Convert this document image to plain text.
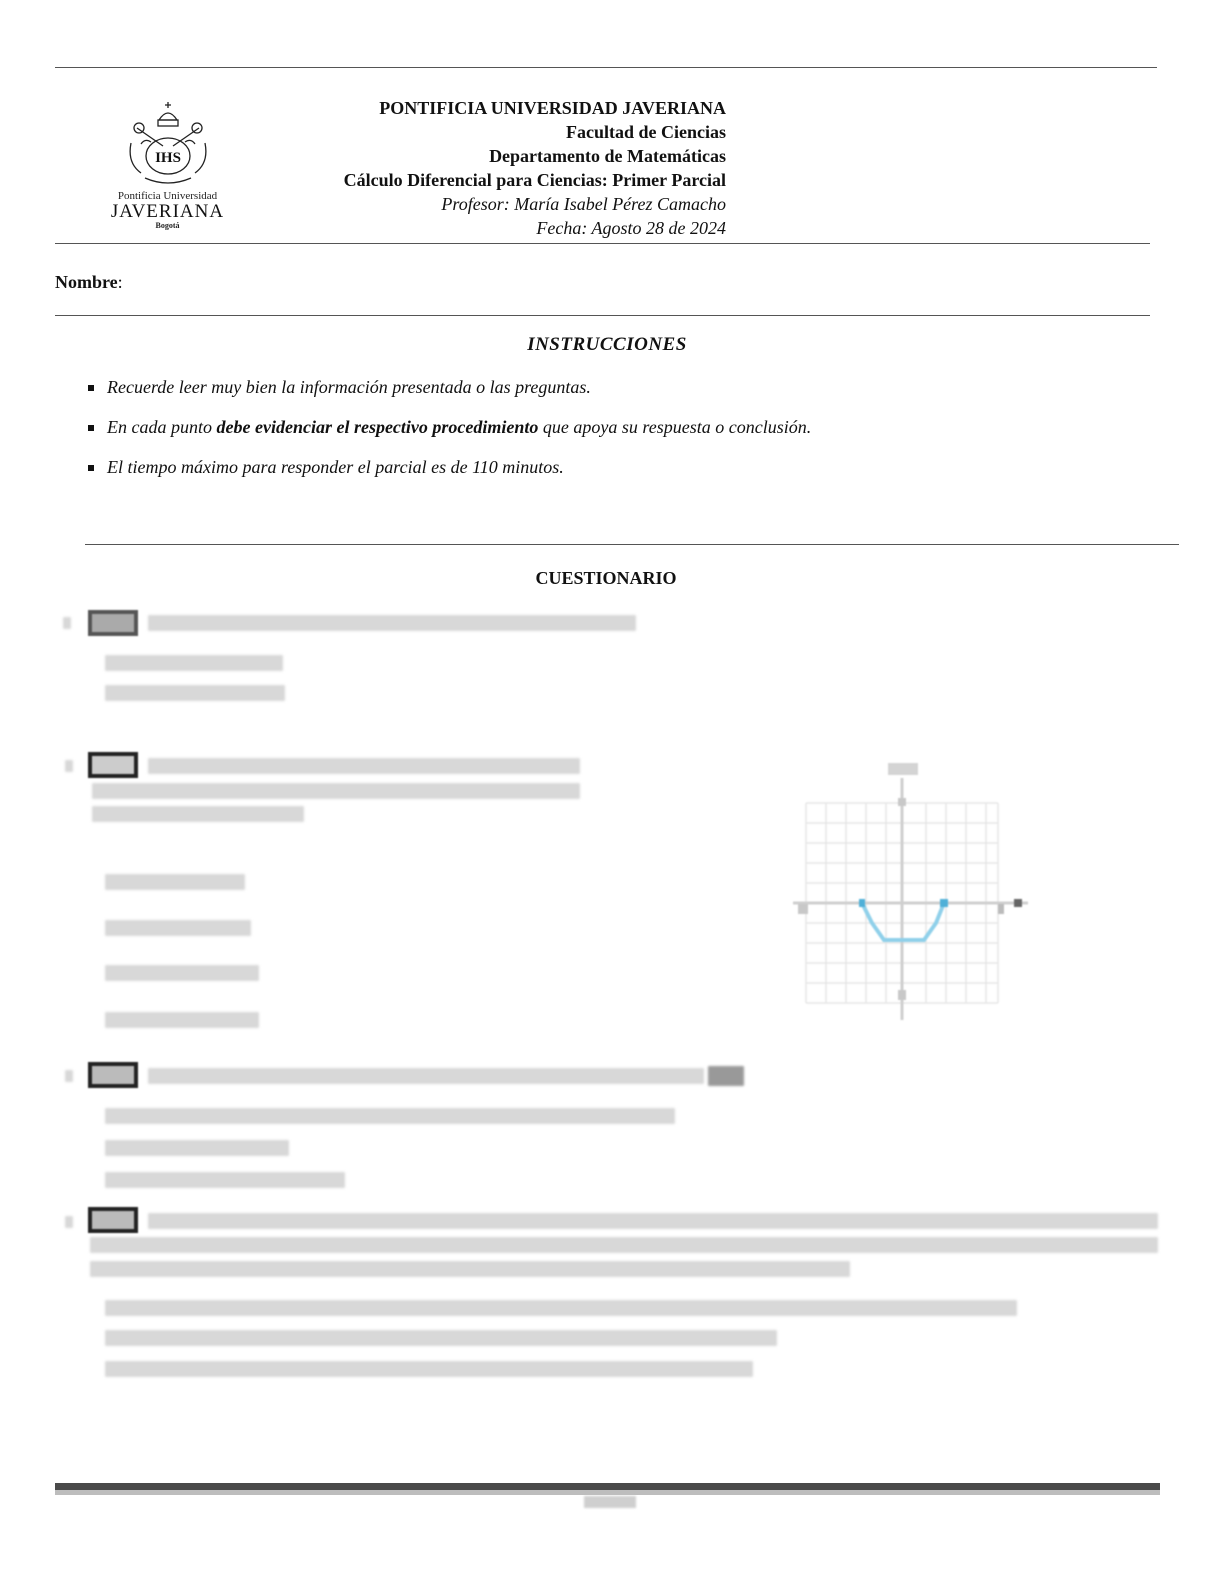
IHS
Pontificia Universidad
JAVERIANA
Bogotá
PONTIFICIA UNIVERSIDAD JAVERIANA
Facultad de Ciencias
Departamento de Matemáticas
Cálculo Diferencial para Ciencias: Primer Parcial
Profesor: María Isabel Pérez Camacho
Fecha: Agosto 28 de 2024
Nombre:
INSTRUCCIONES
Recuerde leer muy bien la información presentada o las preguntas.
En cada punto debe evidenciar el respectivo procedimiento que apoya su respuesta o conclusión.
El tiempo máximo para responder el parcial es de 110 minutos.
CUESTIONARIO
